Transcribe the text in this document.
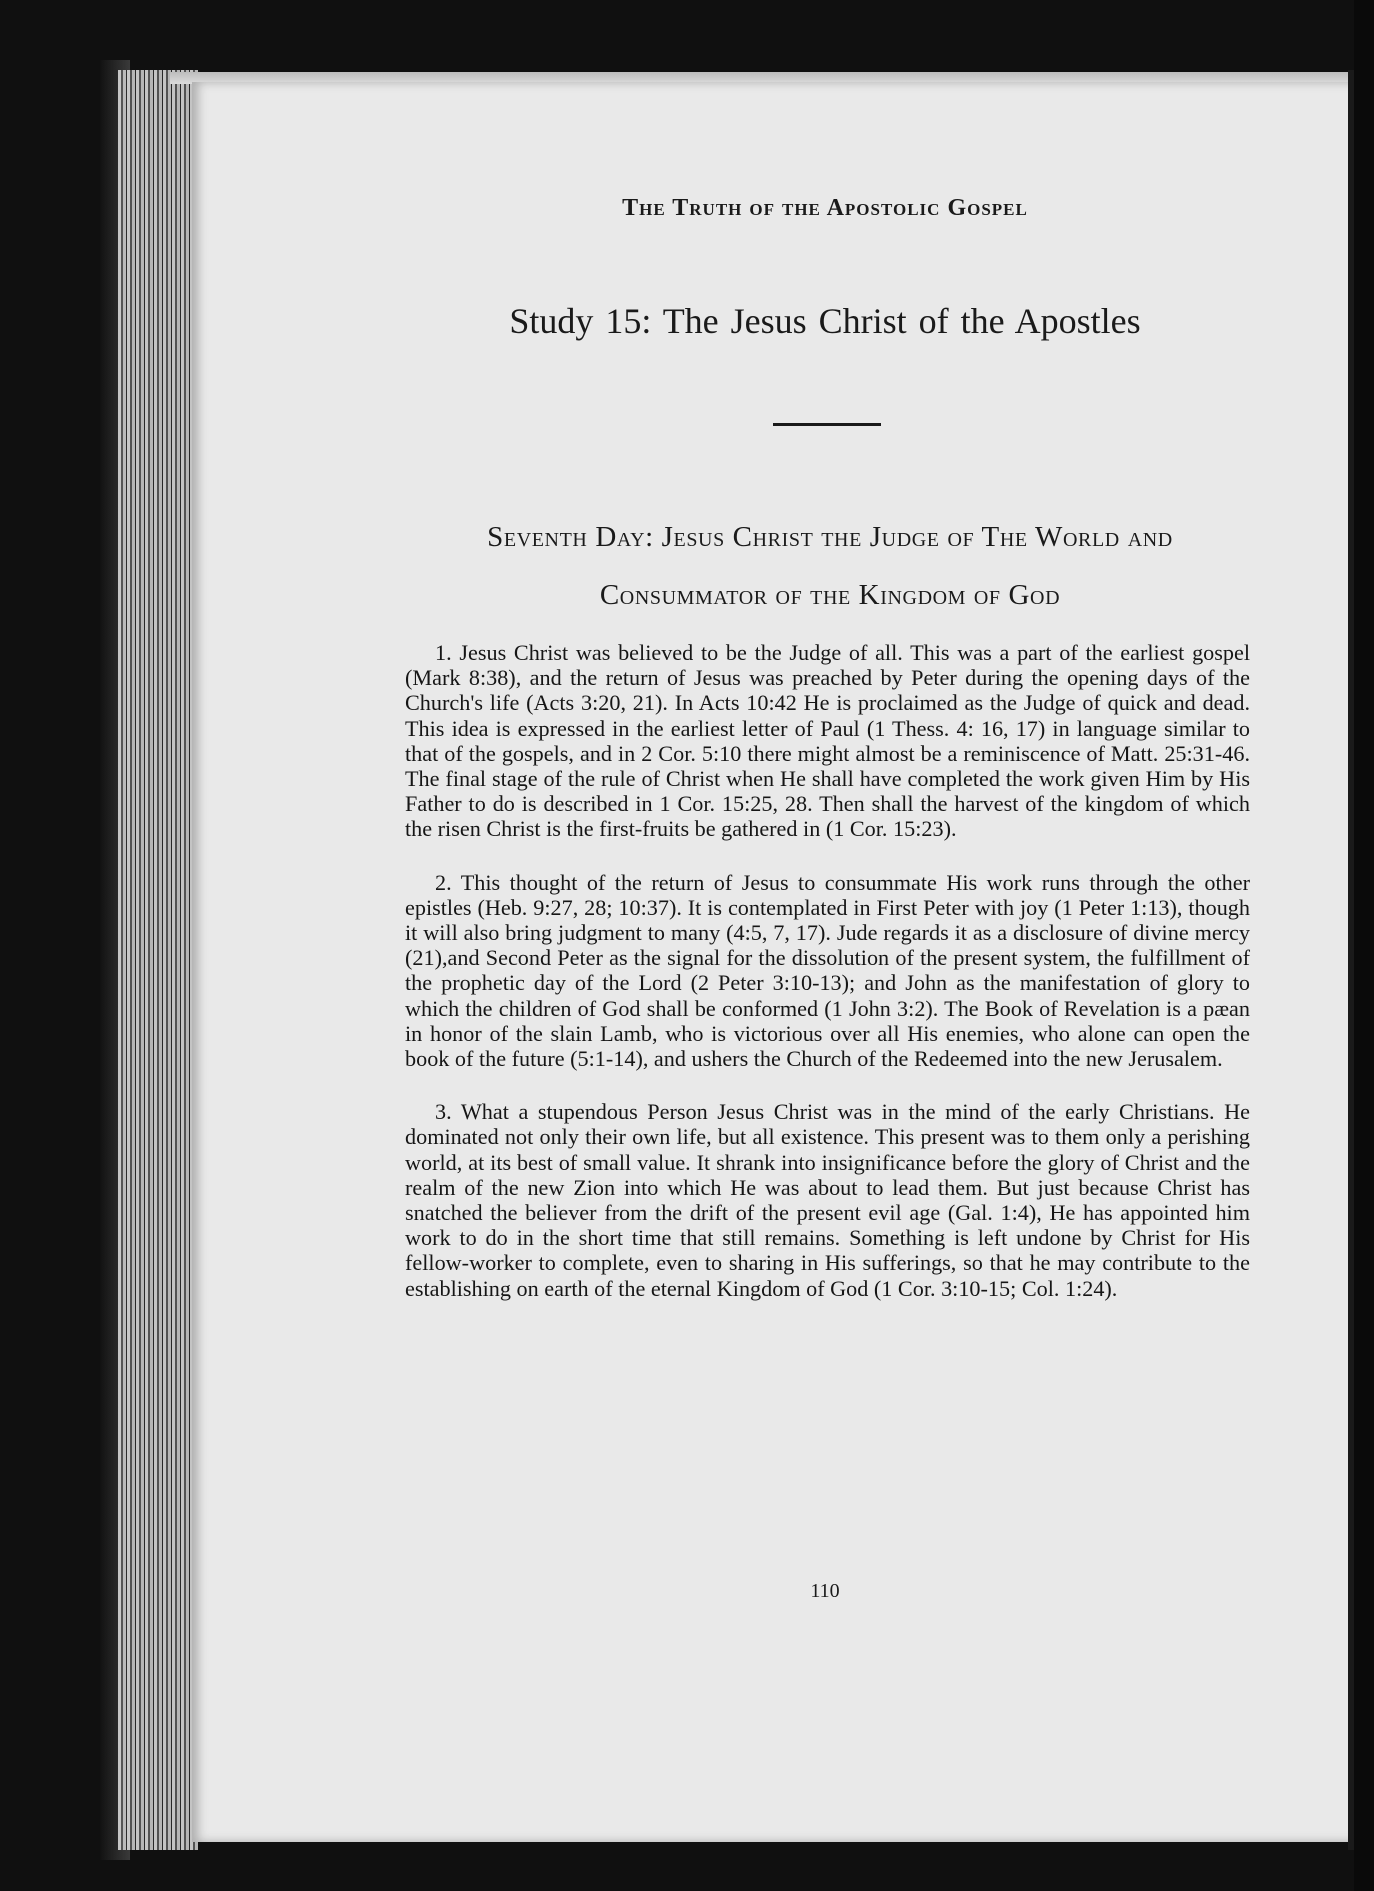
The Truth of the Apostolic Gospel
Study 15: The Jesus Christ of the Apostles
Seventh Day: Jesus Christ the Judge of The World and
Consummator of the Kingdom of God

1. Jesus Christ was believed to be the Judge of all. This was a part of the earliest gospel (Mark 8:38), and the return of Jesus was preached by Peter during the opening days of the Church's life (Acts 3:20, 21). In Acts 10:42 He is proclaimed as the Judge of quick and dead. This idea is expressed in the earliest letter of Paul (1 Thess. 4: 16, 17) in language similar to that of the gospels, and in 2 Cor. 5:10 there might almost be a reminiscence of Matt. 25:31-46. The final stage of the rule of Christ when He shall have completed the work given Him by His Father to do is described in 1 Cor. 15:25, 28. Then shall the harvest of the kingdom of which the risen Christ is the first-fruits be gathered in (1 Cor. 15:23).

2. This thought of the return of Jesus to consummate His work runs through the other epistles (Heb. 9:27, 28; 10:37). It is contemplated in First Peter with joy (1 Peter 1:13), though it will also bring judgment to many (4:5, 7, 17). Jude regards it as a disclosure of divine mercy (21),and Second Peter as the signal for the dissolution of the present system, the fulfillment of the prophetic day of the Lord (2 Peter 3:10-13); and John as the manifestation of glory to which the children of God shall be conformed (1 John 3:2). The Book of Revelation is a pæan in honor of the slain Lamb, who is victorious over all His enemies, who alone can open the book of the future (5:1-14), and ushers the Church of the Redeemed into the new Jerusalem.

3. What a stupendous Person Jesus Christ was in the mind of the early Christians. He dominated not only their own life, but all existence. This present was to them only a perishing world, at its best of small value. It shrank into insignificance before the glory of Christ and the realm of the new Zion into which He was about to lead them. But just because Christ has snatched the believer from the drift of the present evil age (Gal. 1:4), He has appointed him work to do in the short time that still remains. Something is left undone by Christ for His fellow-worker to complete, even to sharing in His sufferings, so that he may contribute to the establishing on earth of the eternal Kingdom of God (1 Cor. 3:10-15; Col. 1:24).

110
